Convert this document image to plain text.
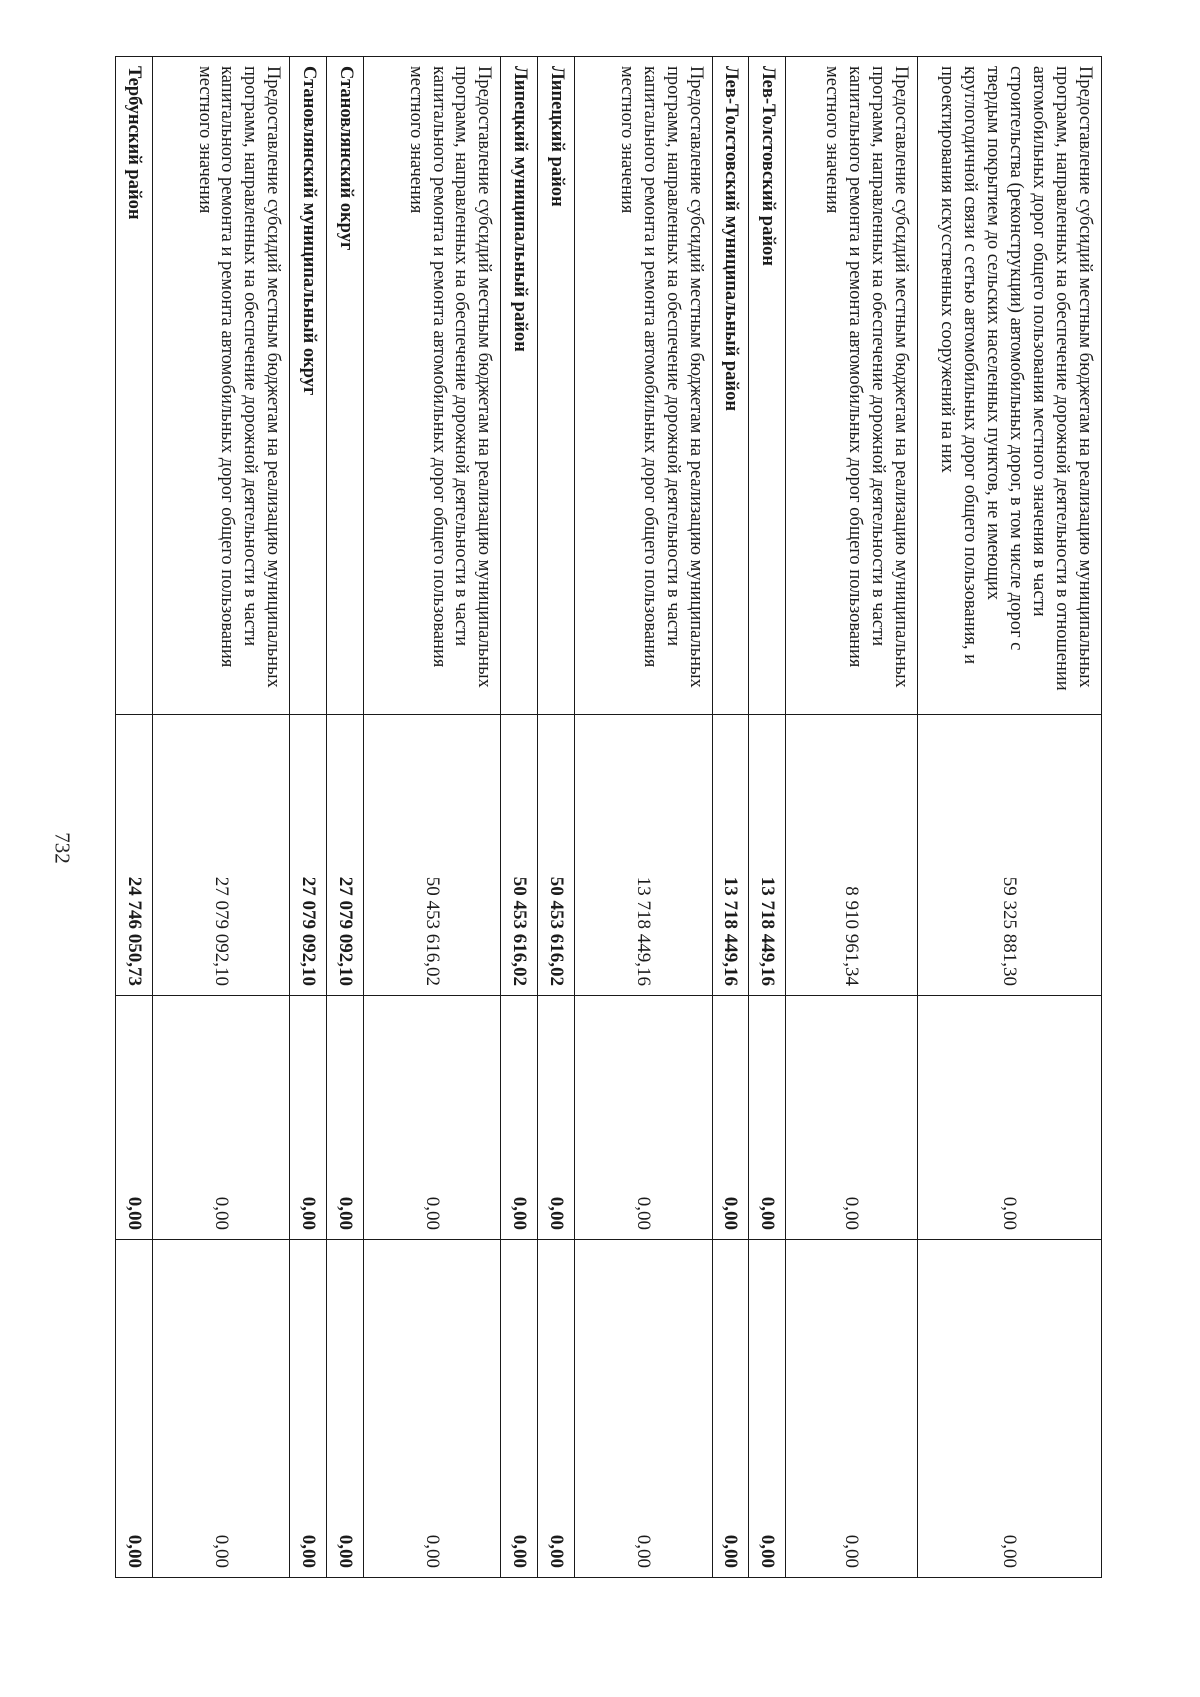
732
Предоставление субсидий местным бюджетам на реализацию муниципальных программ, направленных на обеспечение дорожной деятельности в отношении автомобильных дорог общего пользования местного значения в части строительства (реконструкции) автомобильных дорог, в том числе дорог с твердым покрытием до сельских населенных пунктов, не имеющих круглогодичной связи с сетью автомобильных дорог общего пользования, и проектирования искусственных сооружений на них	59 325 881,30	0,00	0,00
Предоставление субсидий местным бюджетам на реализацию муниципальных программ, направленных на обеспечение дорожной деятельности в части капитального ремонта и ремонта автомобильных дорог общего пользования местного значения	8 910 961,34	0,00	0,00
Лев-Толстовский район	13 718 449,16	0,00	0,00
Лев-Толстовский муниципальный район	13 718 449,16	0,00	0,00
Предоставление субсидий местным бюджетам на реализацию муниципальных программ, направленных на обеспечение дорожной деятельности в части капитального ремонта и ремонта автомобильных дорог общего пользования местного значения	13 718 449,16	0,00	0,00
Липецкий район	50 453 616,02	0,00	0,00
Липецкий муниципальный район	50 453 616,02	0,00	0,00
Предоставление субсидий местным бюджетам на реализацию муниципальных программ, направленных на обеспечение дорожной деятельности в части капитального ремонта и ремонта автомобильных дорог общего пользования местного значения	50 453 616,02	0,00	0,00
Становлянский округ	27 079 092,10	0,00	0,00
Становлянский муниципальный округ	27 079 092,10	0,00	0,00
Предоставление субсидий местным бюджетам на реализацию муниципальных программ, направленных на обеспечение дорожной деятельности в части капитального ремонта и ремонта автомобильных дорог общего пользования местного значения	27 079 092,10	0,00	0,00
Тербунский район	24 746 050,73	0,00	0,00
